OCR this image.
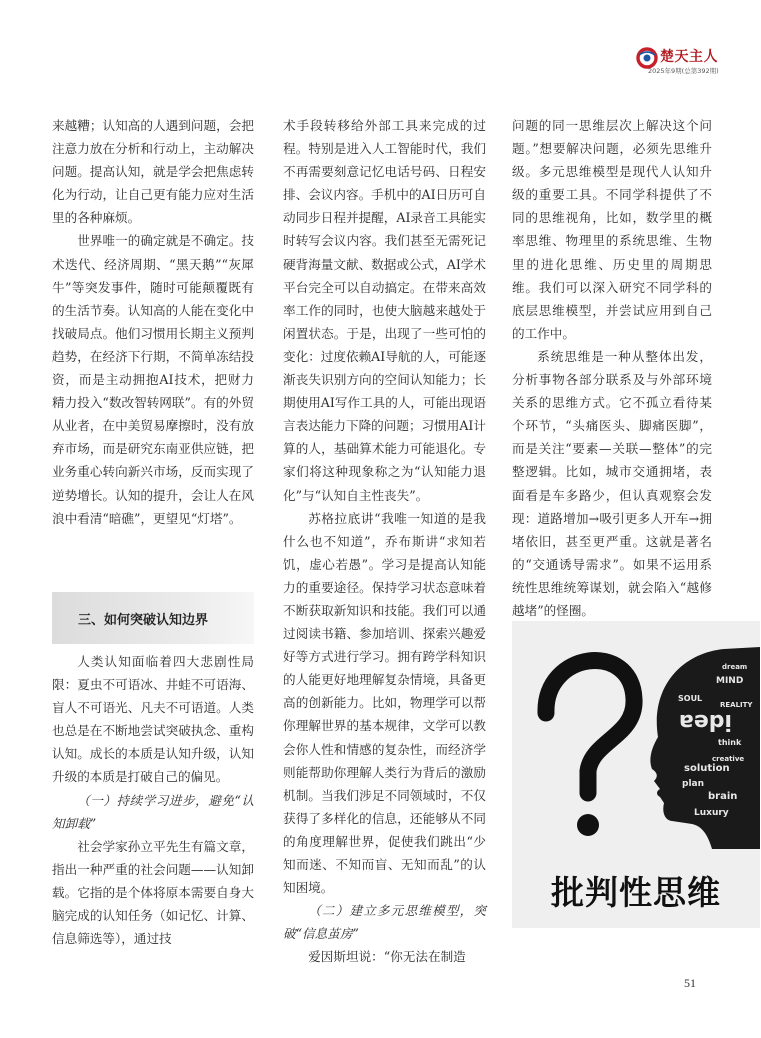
楚天主人
2025年9期(总第392期)

来越糟；认知高的人遇到问题，会把注意力放在分析和行动上，主动解决问题。提高认知，就是学会把焦虑转化为行动，让自己更有能力应对生活里的各种麻烦。

世界唯一的确定就是不确定。技术迭代、经济周期、“黑天鹅”“灰犀牛”等突发事件，随时可能颠覆既有的生活节奏。认知高的人能在变化中找破局点。他们习惯用长期主义预判趋势，在经济下行期，不简单冻结投资，而是主动拥抱AI技术，把财力精力投入“数改智转网联”。有的外贸从业者，在中美贸易摩擦时，没有放弃市场，而是研究东南亚供应链，把业务重心转向新兴市场，反而实现了逆势增长。认知的提升，会让人在风浪中看清“暗礁”，更望见“灯塔”。

三、如何突破认知边界

人类认知面临着四大悲剧性局限：夏虫不可语冰、井蛙不可语海、盲人不可语光、凡夫不可语道。人类也总是在不断地尝试突破执念、重构认知。成长的本质是认知升级，认知升级的本质是打破自己的偏见。

（一）持续学习进步，避免“认知卸载”

社会学家孙立平先生有篇文章，指出一种严重的社会问题——认知卸载。它指的是个体将原本需要自身大脑完成的认知任务（如记忆、计算、信息筛选等），通过技

术手段转移给外部工具来完成的过程。特别是进入人工智能时代，我们不再需要刻意记忆电话号码、日程安排、会议内容。手机中的AI日历可自动同步日程并提醒，AI录音工具能实时转写会议内容。我们甚至无需死记硬背海量文献、数据或公式，AI学术平台完全可以自动搞定。在带来高效率工作的同时，也使大脑越来越处于闲置状态。于是，出现了一些可怕的变化：过度依赖AI导航的人，可能逐渐丧失识别方向的空间认知能力；长期使用AI写作工具的人，可能出现语言表达能力下降的问题；习惯用AI计算的人，基础算术能力可能退化。专家们将这种现象称之为“认知能力退化”与“认知自主性丧失”。

苏格拉底讲“我唯一知道的是我什么也不知道”，乔布斯讲“求知若饥，虚心若愚”。学习是提高认知能力的重要途径。保持学习状态意味着不断获取新知识和技能。我们可以通过阅读书籍、参加培训、探索兴趣爱好等方式进行学习。拥有跨学科知识的人能更好地理解复杂情境，具备更高的创新能力。比如，物理学可以帮你理解世界的基本规律，文学可以教会你人性和情感的复杂性，而经济学则能帮助你理解人类行为背后的激励机制。当我们涉足不同领域时，不仅获得了多样化的信息，还能够从不同的角度理解世界，促使我们跳出“少知而迷、不知而盲、无知而乱”的认知困境。

（二）建立多元思维模型，突破“信息茧房”

爱因斯坦说：“你无法在制造

问题的同一思维层次上解决这个问题。”想要解决问题，必须先思维升级。多元思维模型是现代人认知升级的重要工具。不同学科提供了不同的思维视角，比如，数学里的概率思维、物理里的系统思维、生物里的进化思维、历史里的周期思维。我们可以深入研究不同学科的底层思维模型，并尝试应用到自己的工作中。

系统思维是一种从整体出发，分析事物各部分联系及与外部环境关系的思维方式。它不孤立看待某个环节，“头痛医头、脚痛医脚”，而是关注“要素—关联—整体”的完整逻辑。比如，城市交通拥堵，表面看是车多路少，但认真观察会发现：道路增加→吸引更多人开车→拥堵依旧，甚至更严重。这就是著名的“交通诱导需求”。如果不运用系统性思维统筹谋划，就会陷入“越修越堵”的怪圈。

idea
MIND
think
solution
plan
brain
Luxury
REALITY
SOUL
creative
dream
批判性思维
51
